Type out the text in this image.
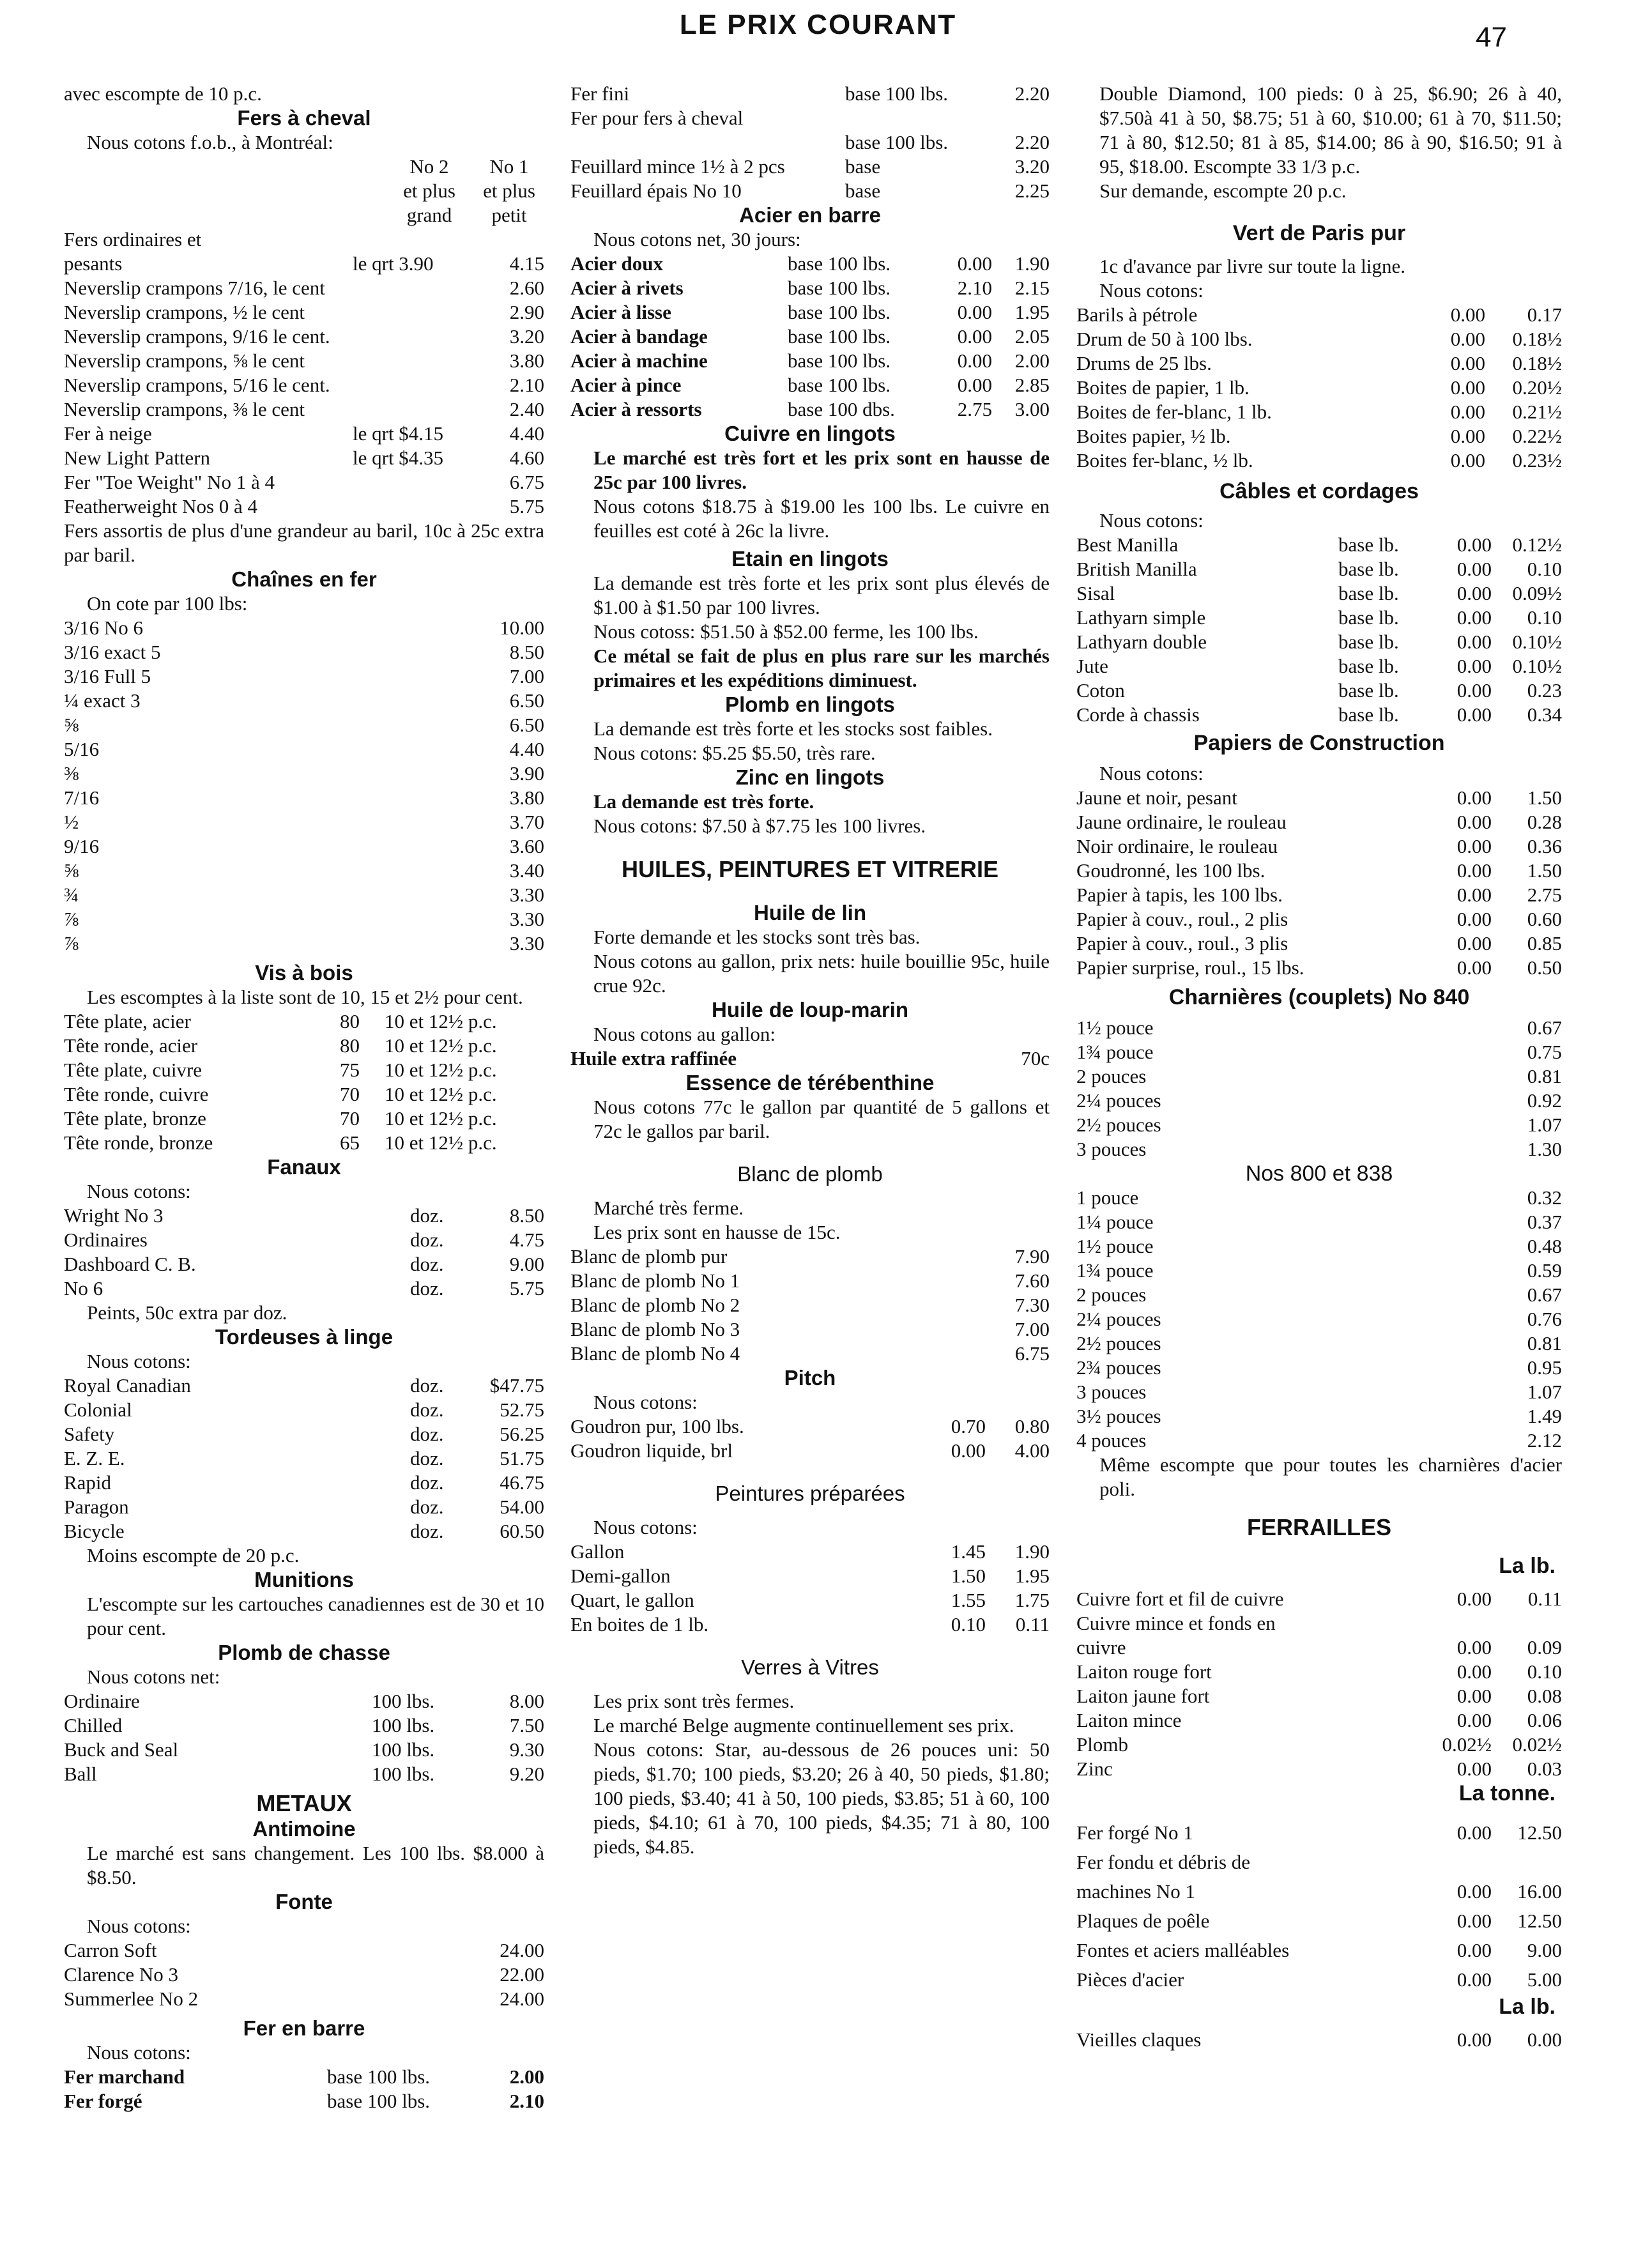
LE PRIX COURANT	47
avec escompte de 10 p.c.
Fers à cheval
Nous cotons f.o.b., à Montréal:
No 2	No 1
et plus	et plus
grand	petit
Fers ordinaires et
pesants	le qrt 3.90	4.15
Neverslip crampons 7/16, le cent	2.60
Neverslip crampons, ½ le cent	2.90
Neverslip crampons, 9/16 le cent.	3.20
Neverslip crampons, ⅝ le cent	3.80
Neverslip crampons, 5/16 le cent.	2.10
Neverslip crampons, ⅜ le cent	2.40
Fer à neige	le qrt $4.15	4.40
New Light Pattern	le qrt $4.35	4.60
Fer "Toe Weight" No 1 à 4	6.75
Featherweight Nos 0 à 4	5.75
Fers assortis de plus d'une grandeur au baril, 10c à 25c extra par baril.
Chaînes en fer
On cote par 100 lbs:
3/16 No 6	10.00
3/16 exact 5	8.50
3/16 Full 5	7.00
¼ exact 3	6.50
⅝	6.50
5/16	4.40
⅜	3.90
7/16	3.80
½	3.70
9/16	3.60
⅝	3.40
¾	3.30
⅞	3.30
⅞	3.30
Vis à bois
Les escomptes à la liste sont de 10, 15 et 2½ pour cent.
Tête plate, acier	80	10 et 12½ p.c.
Tête ronde, acier	80	10 et 12½ p.c.
Tête plate, cuivre	75	10 et 12½ p.c.
Tête ronde, cuivre	70	10 et 12½ p.c.
Tête plate, bronze	70	10 et 12½ p.c.
Tête ronde, bronze	65	10 et 12½ p.c.
Fanaux
Nous cotons:
Wright No 3	doz.	8.50
Ordinaires	doz.	4.75
Dashboard C. B.	doz.	9.00
No 6	doz.	5.75
Peints, 50c extra par doz.
Tordeuses à linge
Nous cotons:
Royal Canadian	doz.	$47.75
Colonial	doz.	52.75
Safety	doz.	56.25
E. Z. E.	doz.	51.75
Rapid	doz.	46.75
Paragon	doz.	54.00
Bicycle	doz.	60.50
Moins escompte de 20 p.c.
Munitions
L'escompte sur les cartouches canadiennes est de 30 et 10 pour cent.
Plomb de chasse
Nous cotons net:
Ordinaire	100 lbs.	8.00
Chilled	100 lbs.	7.50
Buck and Seal	100 lbs.	9.30
Ball	100 lbs.	9.20
METAUX
Antimoine
Le marché est sans changement. Les 100 lbs. $8.000 à $8.50.
Fonte
Nous cotons:
Carron Soft	24.00
Clarence No 3	22.00
Summerlee No 2	24.00
Fer en barre
Nous cotons:
Fer marchand	base 100 lbs.	2.00
Fer forgé	base 100 lbs.	2.10
Fer fini	base 100 lbs.	2.20
Fer pour fers à cheval
base 100 lbs.	2.20
Feuillard mince 1½ à 2 pcs	base	3.20
Feuillard épais No 10	base	2.25
Acier en barre
Nous cotons net, 30 jours:
Acier doux	base 100 lbs.	0.00	1.90
Acier à rivets	base 100 lbs.	2.10	2.15
Acier à lisse	base 100 lbs.	0.00	1.95
Acier à bandage	base 100 lbs.	0.00	2.05
Acier à machine	base 100 lbs.	0.00	2.00
Acier à pince	base 100 lbs.	0.00	2.85
Acier à ressorts	base 100 dbs.	2.75	3.00
Cuivre en lingots
Le marché est très fort et les prix sont en hausse de 25c par 100 livres.
Nous cotons $18.75 à $19.00 les 100 lbs. Le cuivre en feuilles est coté à 26c la livre.
Etain en lingots
La demande est très forte et les prix sont plus élevés de $1.00 à $1.50 par 100 livres.
Nous cotoss: $51.50 à $52.00 ferme, les 100 lbs.
Ce métal se fait de plus en plus rare sur les marchés primaires et les expéditions diminuest.
Plomb en lingots
La demande est très forte et les stocks sost faibles.
Nous cotons: $5.25 $5.50, très rare.
Zinc en lingots
La demande est très forte.
Nous cotons: $7.50 à $7.75 les 100 livres.
HUILES, PEINTURES ET VITRERIE
Huile de lin
Forte demande et les stocks sont très bas.
Nous cotons au gallon, prix nets: huile bouillie 95c, huile crue 92c.
Huile de loup-marin
Nous cotons au gallon:
Huile extra raffinée	70c
Essence de térébenthine
Nous cotons 77c le gallon par quantité de 5 gallons et 72c le gallos par baril.
Blanc de plomb
Marché très ferme.
Les prix sont en hausse de 15c.
Blanc de plomb pur	7.90
Blanc de plomb No 1	7.60
Blanc de plomb No 2	7.30
Blanc de plomb No 3	7.00
Blanc de plomb No 4	6.75
Pitch
Nous cotons:
Goudron pur, 100 lbs.	0.70	0.80
Goudron liquide, brl	0.00	4.00
Peintures préparées
Nous cotons:
Gallon	1.45	1.90
Demi-gallon	1.50	1.95
Quart, le gallon	1.55	1.75
En boites de 1 lb.	0.10	0.11
Verres à Vitres
Les prix sont très fermes.
Le marché Belge augmente continuellement ses prix.
Nous cotons: Star, au-dessous de 26 pouces uni: 50 pieds, $1.70; 100 pieds, $3.20; 26 à 40, 50 pieds, $1.80; 100 pieds, $3.40; 41 à 50, 100 pieds, $3.85; 51 à 60, 100 pieds, $4.10; 61 à 70, 100 pieds, $4.35; 71 à 80, 100 pieds, $4.85.
Double Diamond, 100 pieds: 0 à 25, $6.90; 26 à 40, $7.50à 41 à 50, $8.75; 51 à 60, $10.00; 61 à 70, $11.50; 71 à 80, $12.50; 81 à 85, $14.00; 86 à 90, $16.50; 91 à 95, $18.00. Escompte 33 1/3 p.c.
Sur demande, escompte 20 p.c.
Vert de Paris pur
1c d'avance par livre sur toute la ligne.
Nous cotons:
Barils à pétrole	0.00	0.17
Drum de 50 à 100 lbs.	0.00	0.18½
Drums de 25 lbs.	0.00	0.18½
Boites de papier, 1 lb.	0.00	0.20½
Boites de fer-blanc, 1 lb.	0.00	0.21½
Boites papier, ½ lb.	0.00	0.22½
Boites fer-blanc, ½ lb.	0.00	0.23½
Câbles et cordages
Nous cotons:
Best Manilla	base lb.	0.00	0.12½
British Manilla	base lb.	0.00	0.10
Sisal	base lb.	0.00	0.09½
Lathyarn simple	base lb.	0.00	0.10
Lathyarn double	base lb.	0.00	0.10½
Jute	base lb.	0.00	0.10½
Coton	base lb.	0.00	0.23
Corde à chassis	base lb.	0.00	0.34
Papiers de Construction
Nous cotons:
Jaune et noir, pesant	0.00	1.50
Jaune ordinaire, le rouleau	0.00	0.28
Noir ordinaire, le rouleau	0.00	0.36
Goudronné, les 100 lbs.	0.00	1.50
Papier à tapis, les 100 lbs.	0.00	2.75
Papier à couv., roul., 2 plis	0.00	0.60
Papier à couv., roul., 3 plis	0.00	0.85
Papier surprise, roul., 15 lbs.	0.00	0.50
Charnières (couplets) No 840
1½ pouce	0.67
1¾ pouce	0.75
2 pouces	0.81
2¼ pouces	0.92
2½ pouces	1.07
3 pouces	1.30
Nos 800 et 838
1 pouce	0.32
1¼ pouce	0.37
1½ pouce	0.48
1¾ pouce	0.59
2 pouces	0.67
2¼ pouces	0.76
2½ pouces	0.81
2¾ pouces	0.95
3 pouces	1.07
3½ pouces	1.49
4 pouces	2.12
Même escompte que pour toutes les charnières d'acier poli.
FERRAILLES
La lb.
Cuivre fort et fil de cuivre	0.00	0.11
Cuivre mince et fonds en
cuivre	0.00	0.09
Laiton rouge fort	0.00	0.10
Laiton jaune fort	0.00	0.08
Laiton mince	0.00	0.06
Plomb	0.02½	0.02½
Zinc	0.00	0.03
La tonne.
Fer forgé No 1	0.00	12.50
Fer fondu et débris de
machines No 1	0.00	16.00
Plaques de poêle	0.00	12.50
Fontes et aciers malléables	0.00	9.00
Pièces d'acier	0.00	5.00
La lb.
Vieilles claques	0.00	0.00
